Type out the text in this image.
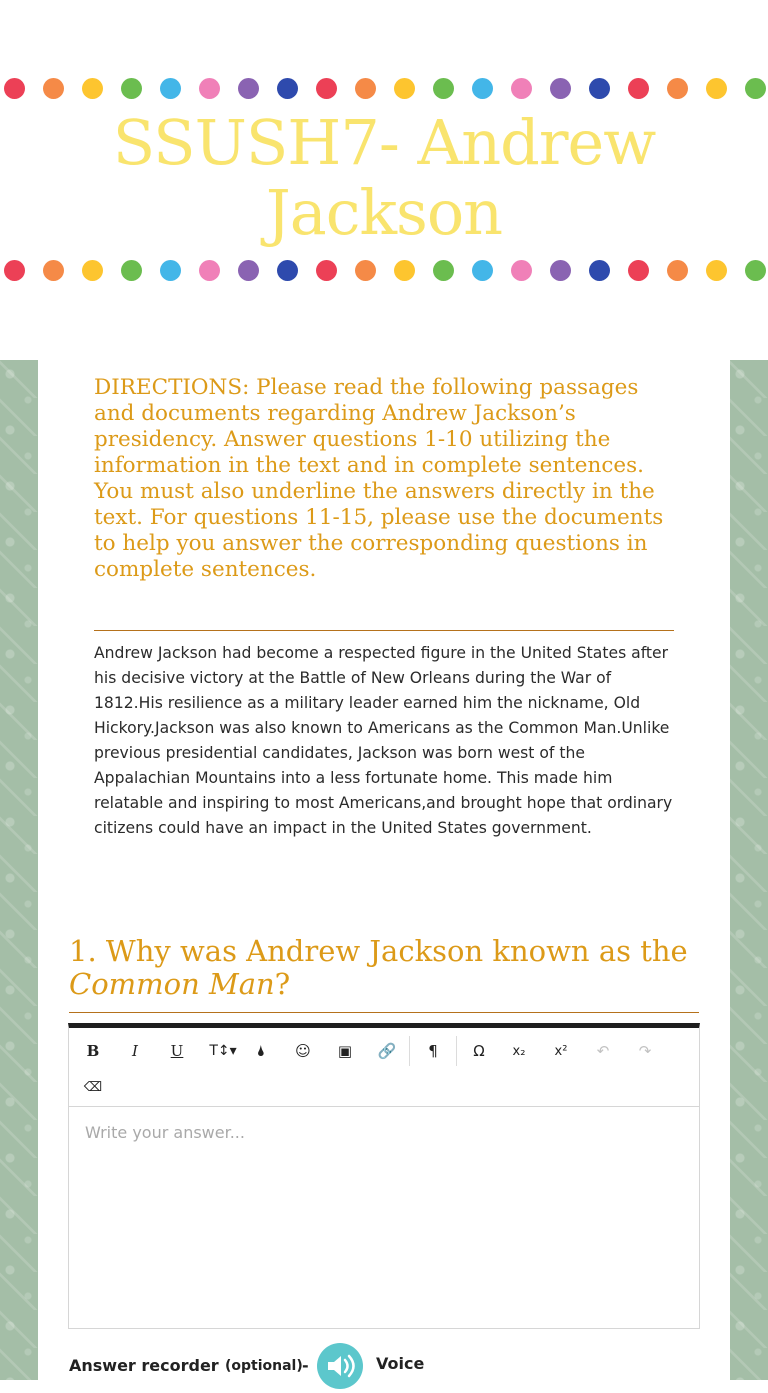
SSUSH7- Andrew Jackson

DIRECTIONS: Please read the following passages and documents regarding Andrew Jackson’s presidency. Answer questions 1-10 utilizing the information in the text and in complete sentences. You must also underline the answers directly in the text. For questions 11-15, please use the documents to help you answer the corresponding questions in complete sentences.

Andrew Jackson had become a respected figure in the United States after his decisive victory at the Battle of New Orleans during the War of 1812.His resilience as a military leader earned him the nickname, Old Hickory.Jackson was also known to Americans as the Common Man.Unlike previous presidential candidates, Jackson was born west of the Appalachian Mountains into a less fortunate home. This made him relatable and inspiring to most Americans,and brought hope that ordinary citizens could have an impact in the United States government.

1. Why was Andrew Jackson known as the Common Man?

B	I	U	T↕▾	🌢	☺	▣	🔗	¶	Ω	x₂	x²	↶	↷
⌫
Write your answer...
Answer recorder (optional) -	Voice
